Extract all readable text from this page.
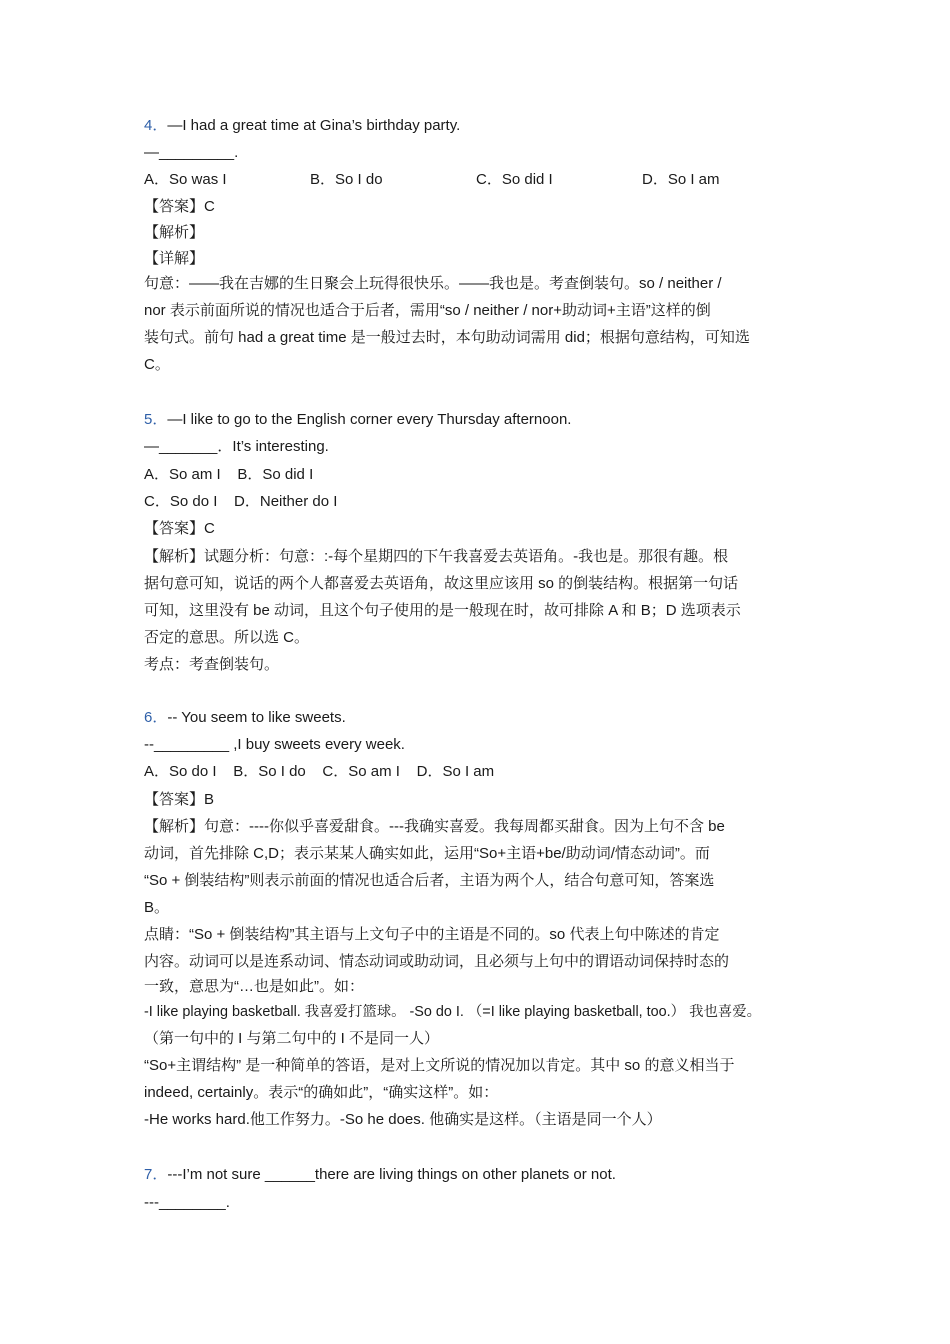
4．—I had a great time at Gina’s birthday party.
—_________.
A．So was I	B．So I do	C．So did I	D．So I am
【答案】C
【解析】
【详解】
句意：——我在吉娜的生日聚会上玩得很快乐。——我也是。考查倒装句。so / neither /
nor 表示前面所说的情况也适合于后者，需用“so / neither / nor+助动词+主语”这样的倒
装句式。前句 had a great time 是一般过去时，本句助动词需用 did；根据句意结构，可知选
C。
5．—I like to go to the English corner every Thursday afternoon.
—_______．It’s interesting.
A．So am I    B．So did I
C．So do I    D．Neither do I
【答案】C
【解析】试题分析：句意：:-每个星期四的下午我喜爱去英语角。-我也是。那很有趣。根
据句意可知，说话的两个人都喜爱去英语角，故这里应该用 so 的倒装结构。根据第一句话
可知，这里没有 be 动词，且这个句子使用的是一般现在时，故可排除 A 和 B；D 选项表示
否定的意思。所以选 C。
考点：考查倒装句。
6．-- You seem to like sweets.
--_________ ,I buy sweets every week.
A．So do I    B．So I do    C．So am I    D．So I am
【答案】B
【解析】句意：----你似乎喜爱甜食。---我确实喜爱。我每周都买甜食。因为上句不含 be
动词，首先排除 C,D；表示某某人确实如此，运用“So+主语+be/助动词/情态动词”。而
“So + 倒装结构”则表示前面的情况也适合后者，主语为两个人，结合句意可知，答案选
B。
点睛：“So + 倒装结构”其主语与上文句子中的主语是不同的。so 代表上句中陈述的肯定
内容。动词可以是连系动词、情态动词或助动词，且必须与上句中的谓语动词保持时态的
一致，意思为“…也是如此”。如：
-I like playing basketball. 我喜爱打篮球。 -So do I. （=I like playing basketball, too.） 我也喜爱。
（第一句中的 I 与第二句中的 I 不是同一人）
“So+主谓结构” 是一种简单的答语，是对上文所说的情况加以肯定。其中 so 的意义相当于
indeed, certainly。表示“的确如此”，“确实这样”。如：
-He works hard.他工作努力。-So he does. 他确实是这样。（主语是同一个人）
7．---I’m not sure ______there are living things on other planets or not.
---________.
